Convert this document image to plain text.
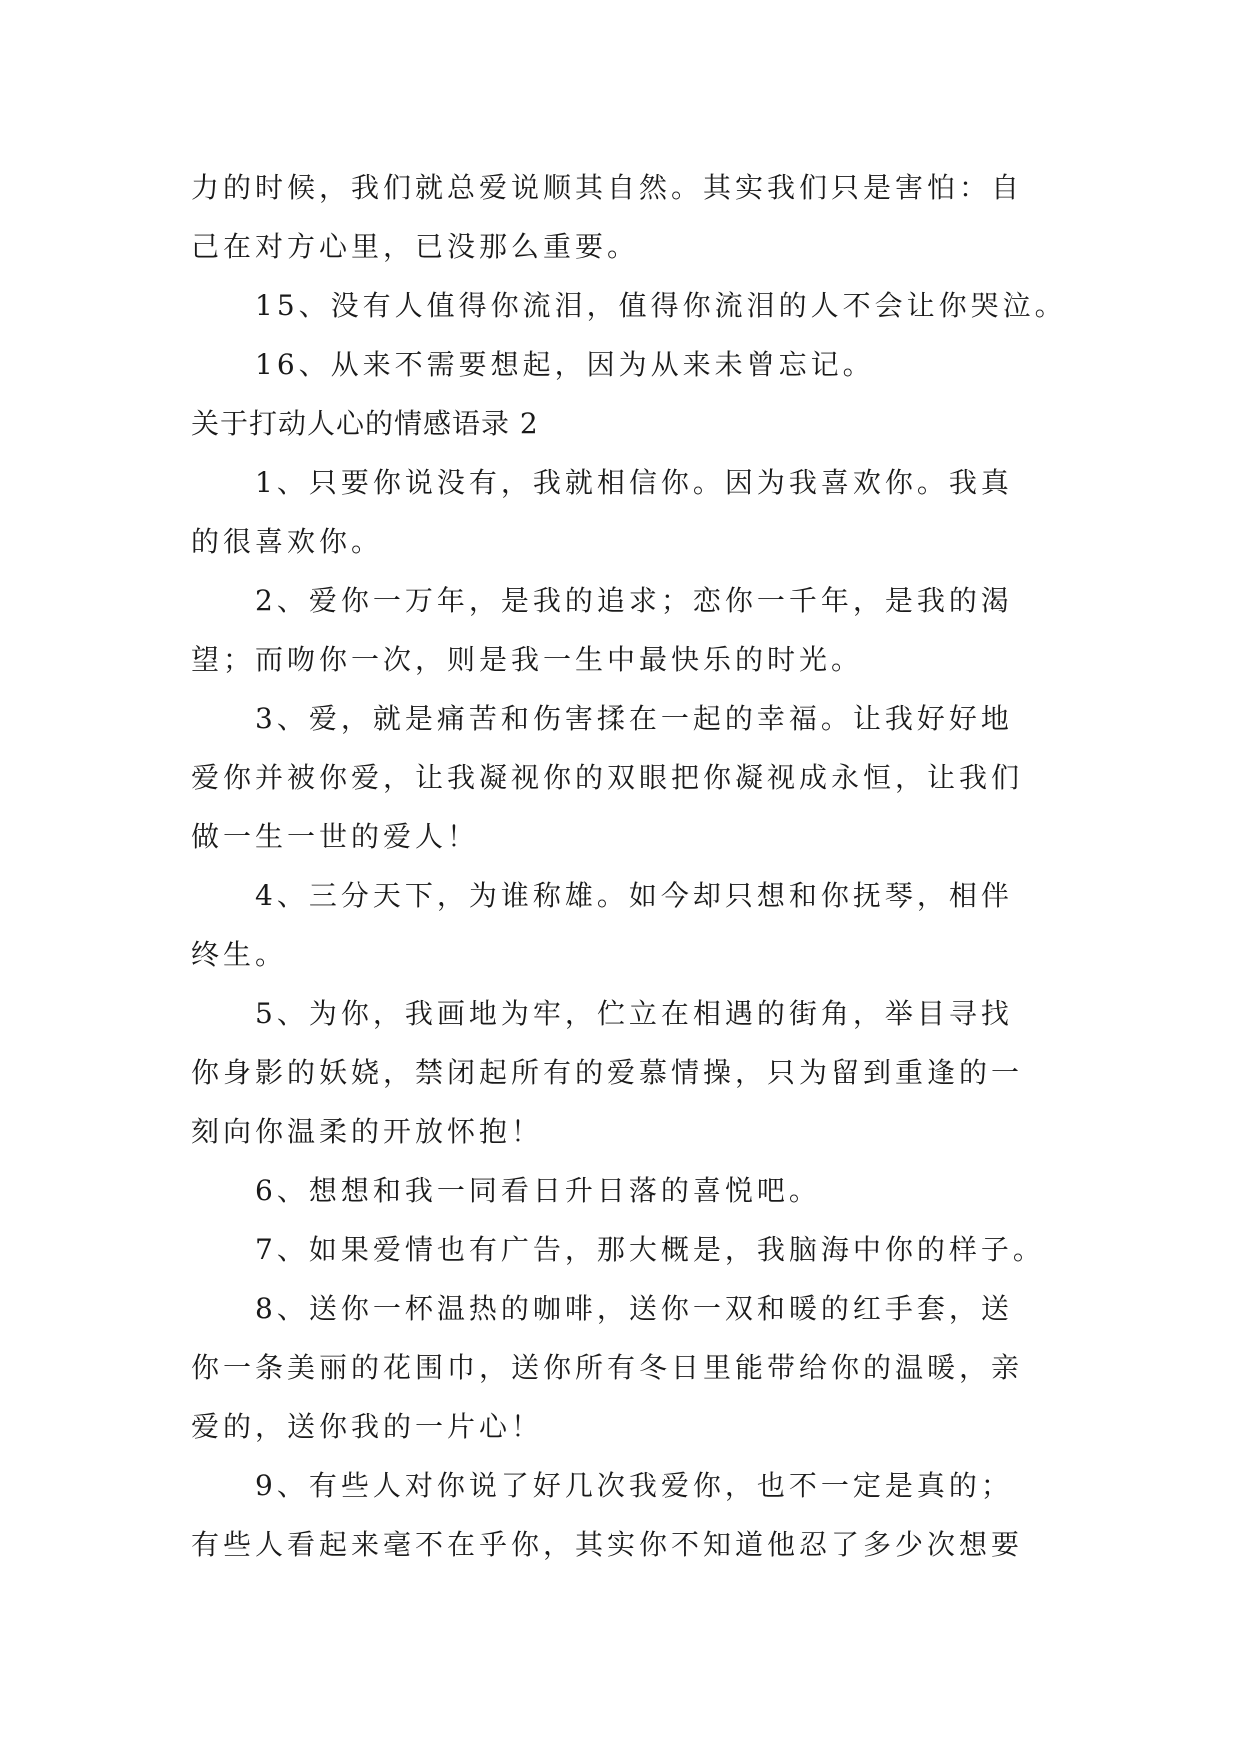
力的时候，我们就总爱说顺其自然。其实我们只是害怕：自

己在对方心里，已没那么重要。

15、没有人值得你流泪，值得你流泪的人不会让你哭泣。

16、从来不需要想起，因为从来未曾忘记。

关于打动人心的情感语录 2

1、只要你说没有，我就相信你。因为我喜欢你。我真

的很喜欢你。

2、爱你一万年，是我的追求；恋你一千年，是我的渴

望；而吻你一次，则是我一生中最快乐的时光。

3、爱，就是痛苦和伤害揉在一起的幸福。让我好好地

爱你并被你爱，让我凝视你的双眼把你凝视成永恒，让我们

做一生一世的爱人！

4、三分天下，为谁称雄。如今却只想和你抚琴，相伴

终生。

5、为你，我画地为牢，伫立在相遇的街角，举目寻找

你身影的妖娆，禁闭起所有的爱慕情操，只为留到重逢的一

刻向你温柔的开放怀抱！

6、想想和我一同看日升日落的喜悦吧。

7、如果爱情也有广告，那大概是，我脑海中你的样子。

8、送你一杯温热的咖啡，送你一双和暖的红手套，送

你一条美丽的花围巾，送你所有冬日里能带给你的温暖，亲

爱的，送你我的一片心！

9、有些人对你说了好几次我爱你，也不一定是真的；

有些人看起来毫不在乎你，其实你不知道他忍了多少次想要
